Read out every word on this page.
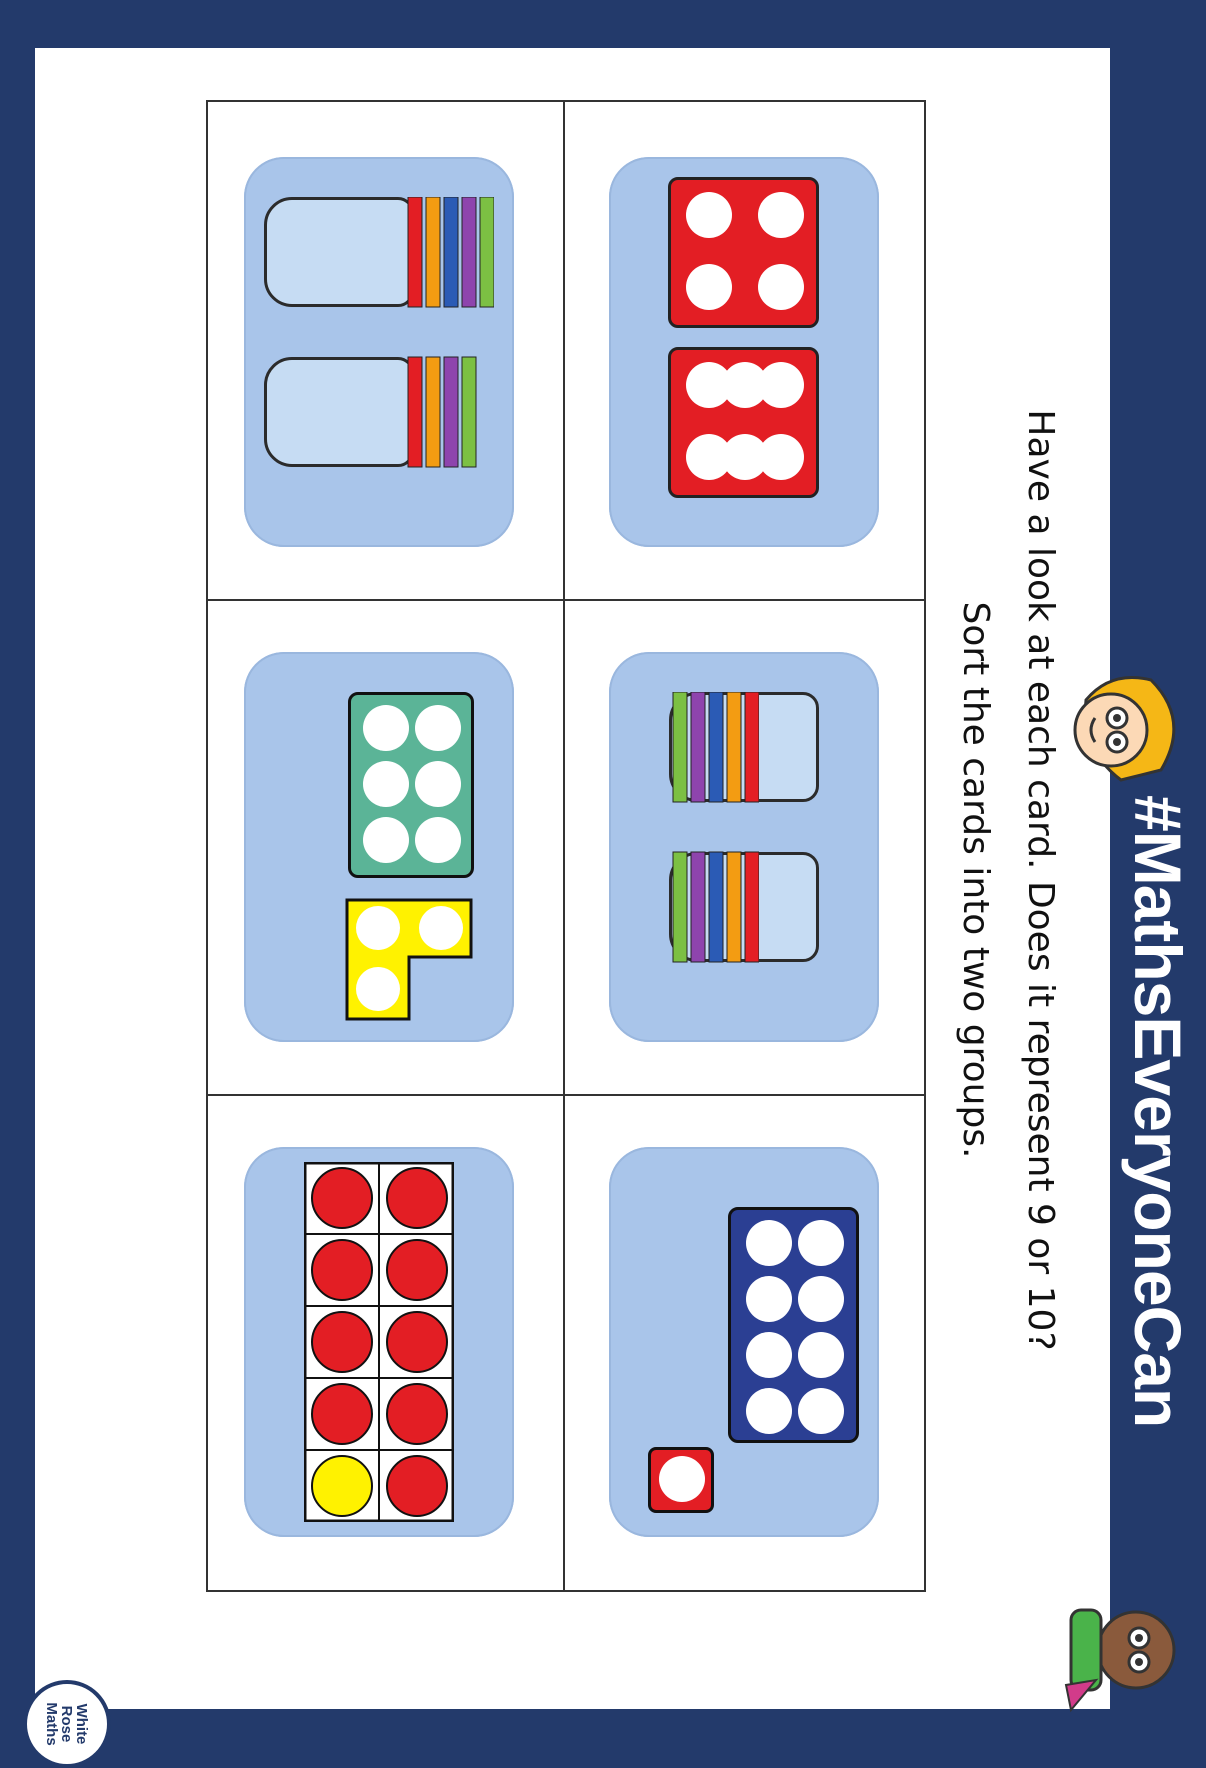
#MathsEveryoneCan
Have a look at each card. Does it represent 9 or 10?
Sort the cards into two groups.
White
Rose
Maths
